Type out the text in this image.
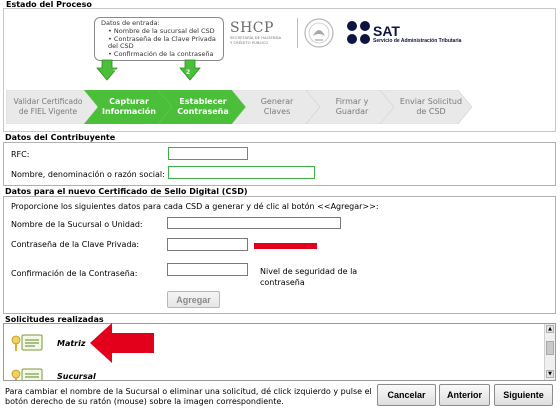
Estado del Proceso
Datos de entrada:
• Nombre de la sucursal del CSD
• Contraseña de la Clave Privada del CSD
• Confirmación de la contraseña
2	2
SHCP
SECRETARÍA DE HACIENDA
Y CRÉDITO PÚBLICO
SAT
Servicio de Administración Tributaria
Validar Certificado de FIEL Vigente
Capturar Información
Establecer Contraseña
Generar Claves
Firmar y Guardar
Enviar Solicitud de CSD
Datos del Contribuyente
RFC:
Nombre, denominación o razón social:
Datos para el nuevo Certificado de Sello Digital (CSD)
Proporcione los siguientes datos para cada CSD a generar y dé clic al botón <<Agregar>>:
Nombre de la Sucursal o Unidad:
Contraseña de la Clave Privada:
Confirmación de la Contraseña:	Nivel de seguridad de la contraseña
Agregar
Solicitudes realizadas
Matriz
Sucursal
▲
▼
Para cambiar el nombre de la Sucursal o eliminar una solicitud, dé click izquierdo y pulse el botón derecho de su ratón (mouse) sobre la imagen correspondiente.
Cancelar	Anterior	Siguiente
